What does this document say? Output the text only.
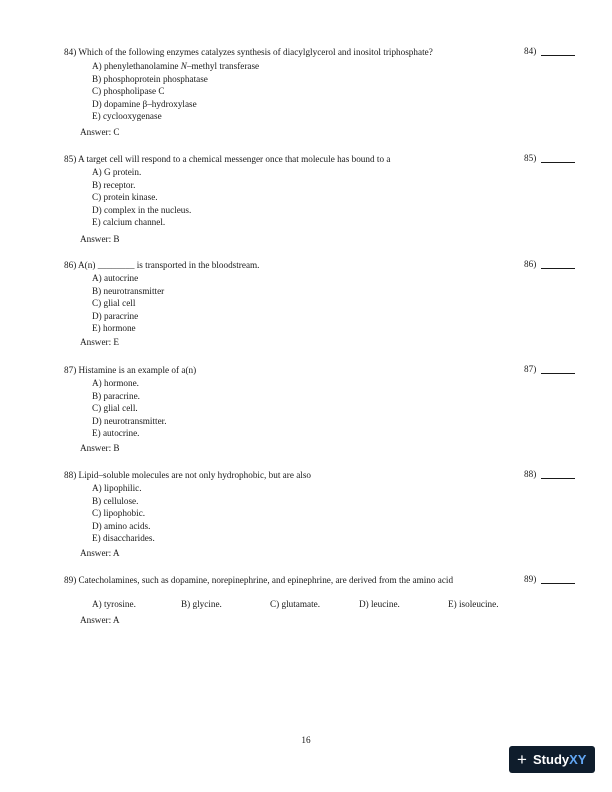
84) Which of the following enzymes catalyzes synthesis of diacylglycerol and inositol triphosphate?	84)
A) phenylethanolamine N–methyl transferase
B) phosphoprotein phosphatase
C) phospholipase C
D) dopamine β–hydroxylase
E) cyclooxygenase
Answer: C
85) A target cell will respond to a chemical messenger once that molecule has bound to a	85)
A) G protein.
B) receptor.
C) protein kinase.
D) complex in the nucleus.
E) calcium channel.
Answer: B
86) A(n) ________ is transported in the bloodstream.	86)
A) autocrine
B) neurotransmitter
C) glial cell
D) paracrine
E) hormone
Answer: E
87) Histamine is an example of a(n)	87)
A) hormone.
B) paracrine.
C) glial cell.
D) neurotransmitter.
E) autocrine.
Answer: B
88) Lipid–soluble molecules are not only hydrophobic, but are also	88)
A) lipophilic.
B) cellulose.
C) lipophobic.
D) amino acids.
E) disaccharides.
Answer: A
89) Catecholamines, such as dopamine, norepinephrine, and epinephrine, are derived from the amino acid	89)
A) tyrosine.	B) glycine.	C) glutamate.	D) leucine.	E) isoleucine.
Answer: A
16
+ StudyXY
